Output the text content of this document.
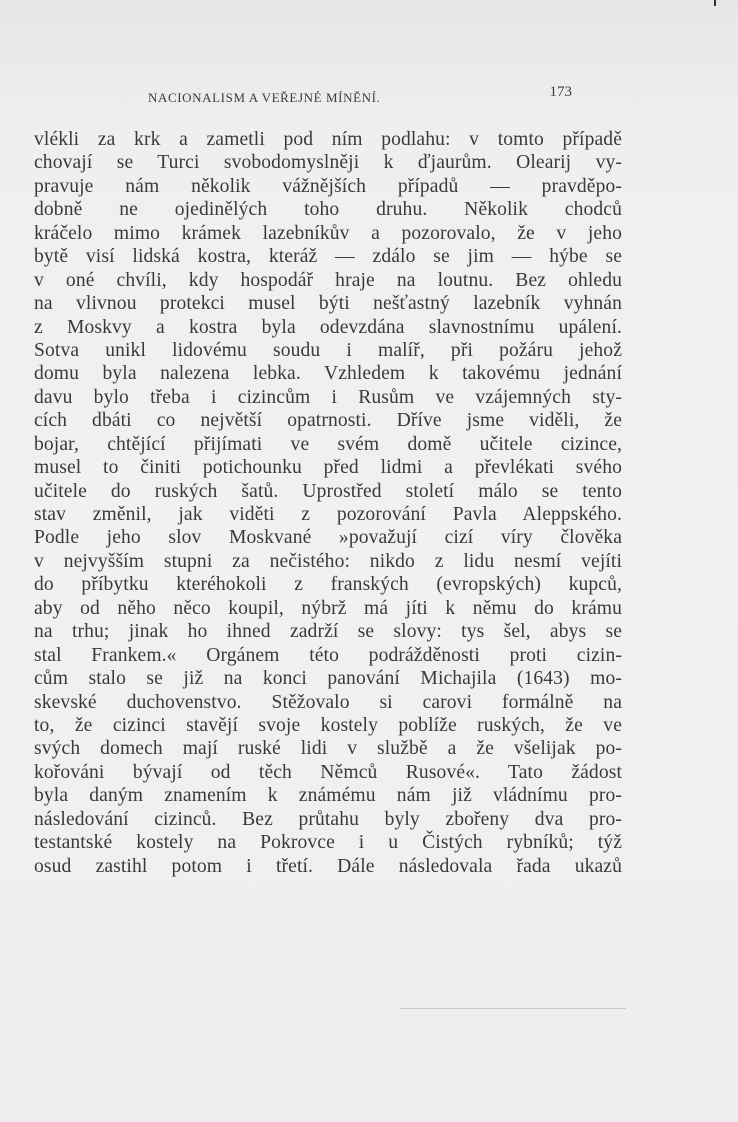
NACIONALISM A VEŘEJNÉ MÍNĚNÍ.	173
vlékli za krk a zametli pod ním podlahu: v tomto případě
chovají se Turci svobodomyslněji k ďjaurům. Olearij vy-
pravuje nám několik vážnějších případů — pravděpo-
dobně ne ojedinělých toho druhu. Několik chodců
kráčelo mimo krámek lazebníkův a pozorovalo, že v jeho
bytě visí lidská kostra, kteráž — zdálo se jim — hýbe se
v oné chvíli, kdy hospodář hraje na loutnu. Bez ohledu
na vlivnou protekci musel býti nešťastný lazebník vyhnán
z Moskvy a kostra byla odevzdána slavnostnímu upálení.
Sotva unikl lidovému soudu i malíř, při požáru jehož
domu byla nalezena lebka. Vzhledem k takovému jednání
davu bylo třeba i cizincům i Rusům ve vzájemných sty-
cích dbáti co největší opatrnosti. Dříve jsme viděli, že
bojar, chtějící přijímati ve svém domě učitele cizince,
musel to činiti potichounku před lidmi a převlékati svého
učitele do ruských šatů. Uprostřed století málo se tento
stav změnil, jak viděti z pozorování Pavla Aleppského.
Podle jeho slov Moskvané »považují cizí víry člověka
v nejvyšším stupni za nečistého: nikdo z lidu nesmí vejíti
do příbytku kteréhokoli z franských (evropských) kupců,
aby od něho něco koupil, nýbrž má jíti k němu do krámu
na trhu; jinak ho ihned zadrží se slovy: tys šel, abys se
stal Frankem.« Orgánem této podrážděnosti proti cizin-
cům stalo se již na konci panování Michajila (1643) mo-
skevské duchovenstvo. Stěžovalo si carovi formálně na
to, že cizinci stavějí svoje kostely poblíže ruských, že ve
svých domech mají ruské lidi v službě a že všelijak po-
kořováni bývají od těch Němců Rusové«. Tato žádost
byla daným znamením k známému nám již vládnímu pro-
následování cizinců. Bez průtahu byly zbořeny dva pro-
testantské kostely na Pokrovce i u Čistých rybníků; týž
osud zastihl potom i třetí. Dále následovala řada ukazů
